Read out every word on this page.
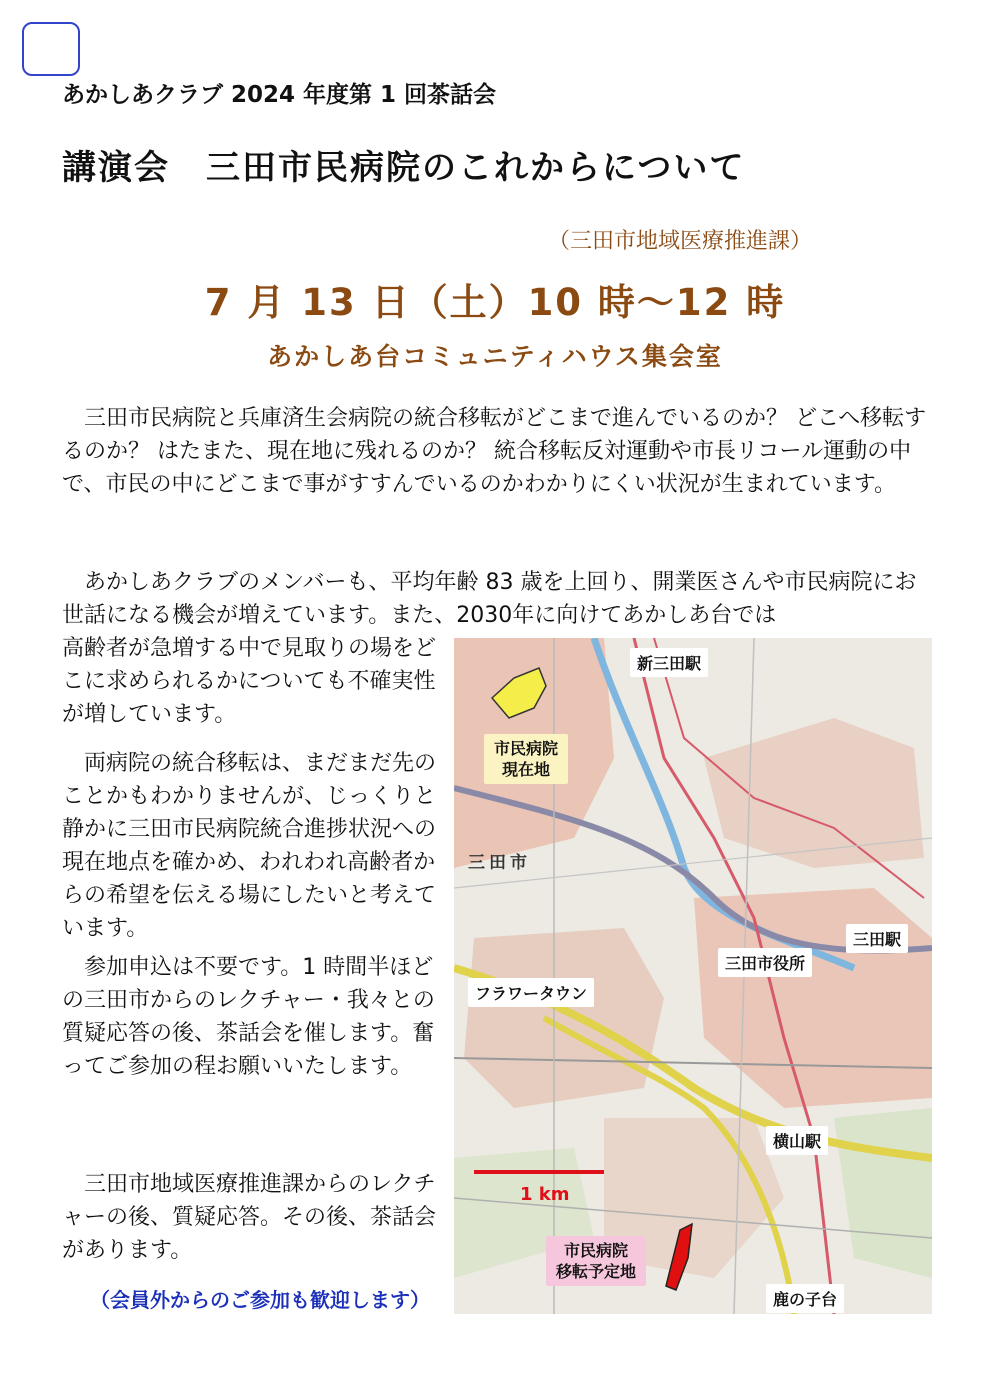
あかしあクラブ 2024 年度第 1 回茶話会
講演会　三田市民病院のこれからについて
（三田市地域医療推進課）
7 月 13 日（土）10 時～12 時
あかしあ台コミュニティハウス集会室

 三田市民病院と兵庫済生会病院の統合移転がどこまで進んでいるのか？ どこへ移転するのか？ はたまた、現在地に残れるのか？ 統合移転反対運動や市長リコール運動の中で、市民の中にどこまで事がすすんでいるのかわかりにくい状況が生まれています。

 あかしあクラブのメンバーも、平均年齢 83 歳を上回り、開業医さんや市民病院にお世話になる機会が増えています。また、2030年に向けてあかしあ台では

高齢者が急増する中で見取りの場をどこに求められるかについても不確実性が増しています。

 両病院の統合移転は、まだまだ先のことかもわかりませんが、じっくりと静かに三田市民病院統合進捗状況への現在地点を確かめ、われわれ高齢者からの希望を伝える場にしたいと考えています。

 参加申込は不要です。1 時間半ほどの三田市からのレクチャー・我々との質疑応答の後、茶話会を催します。奮ってご参加の程お願いいたします。

 三田市地域医療推進課からのレクチャーの後、質疑応答。その後、茶話会があります。

（会員外からのご参加も歓迎します）
新三田駅
市民病院
現在地
三田市
三田駅
三田市役所
フラワータウン
横山駅
1 km
市民病院
移転予定地
鹿の子台
